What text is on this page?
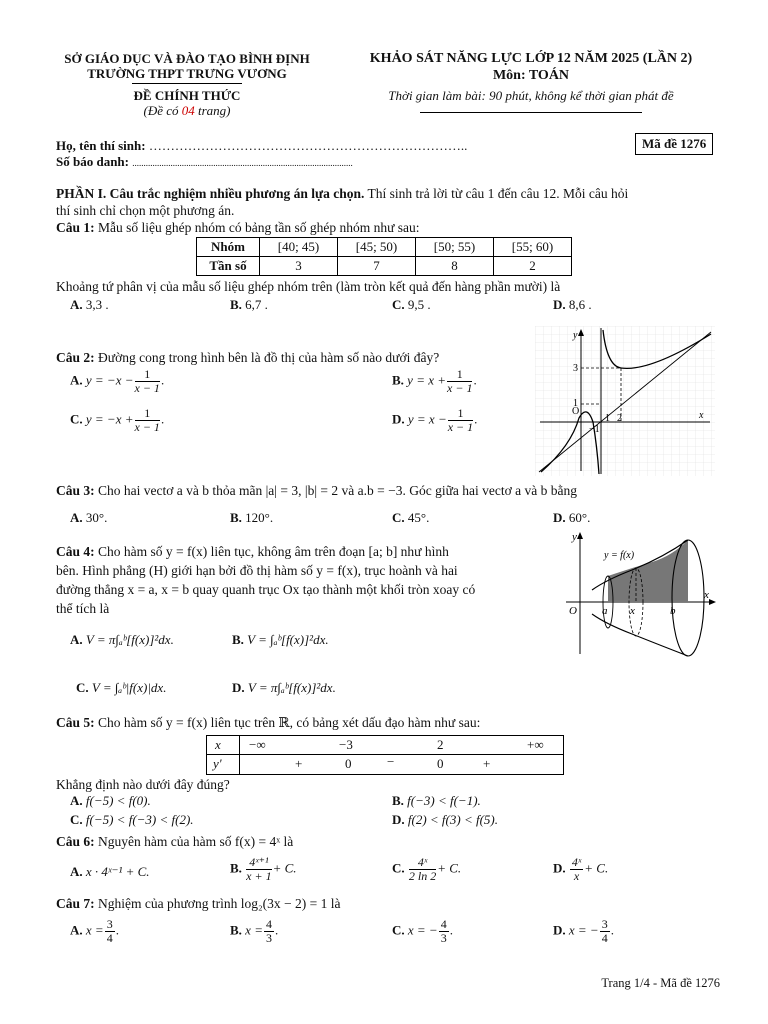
SỞ GIÁO DỤC VÀ ĐÀO TẠO BÌNH ĐỊNH
TRƯỜNG THPT TRƯNG VƯƠNG
ĐỀ CHÍNH THỨC
(Đề có 04 trang)
KHẢO SÁT NĂNG LỰC LỚP 12 NĂM 2025 (LẦN 2)
Môn: TOÁN
Thời gian làm bài: 90 phút, không kể thời gian phát đề
Họ, tên thí sinh: ………………………………………………………………..
Số báo danh: ..................................................................................................
Mã đề 1276
PHẦN I. Câu trắc nghiệm nhiều phương án lựa chọn. Thí sinh trả lời từ câu 1 đến câu 12. Mỗi câu hỏi
thí sinh chỉ chọn một phương án.
Câu 1: Mẫu số liệu ghép nhóm có bảng tần số ghép nhóm như sau:
Nhóm	[40; 45)	[45; 50)	[50; 55)	[55; 60)
Tần số	3	7	8	2
Khoảng tứ phân vị của mẫu số liệu ghép nhóm trên (làm tròn kết quả đến hàng phần mười) là
A. 3,3 .	B. 6,7 .	C. 9,5 .	D. 8,6 .
Câu 2: Đường cong trong hình bên là đồ thị của hàm số nào dưới đây?
A. $y = -x - \frac{1}{x - 1}$ .	B. $y = x + \frac{1}{x - 1}$ .
C. $y = -x + \frac{1}{x - 1}$ .	D. $y = x - \frac{1}{x - 1}$ .
y
x
3
1
O
−1
1 2
Câu 3: Cho hai vectơ a và b thỏa mãn |a| = 3, |b| = 2 và a.b = −3. Góc giữa hai vectơ a và b bằng
A. 30°.	B. 120°.	C. 45°.	D. 60°.
Câu 4: Cho hàm số y = f(x) liên tục, không âm trên đoạn [a; b] như hình
bên. Hình phẳng (H) giới hạn bởi đồ thị hàm số y = f(x), trục hoành và hai
đường thẳng x = a, x = b quay quanh trục Ox tạo thành một khối tròn xoay có
thể tích là
A. V = π∫ₐᵇ[f(x)]²dx.	B. V = ∫ₐᵇ[f(x)]²dx.
C. V = ∫ₐᵇ|f(x)|dx.	D. V = π∫ₐᵇ[f(x)]²dx.
y
x
O a x	b
y = f(x)
Câu 5: Cho hàm số y = f(x) liên tục trên ℝ, có bảng xét dấu đạo hàm như sau:
x −∞	−3	2	+∞
y'	+	0	−	0	+
Khẳng định nào dưới đây đúng?
A. f(−5) < f(0).	B. f(−3) < f(−1).
C. f(−5) < f(−3) < f(2).	D. f(2) < f(3) < f(5).
Câu 6: Nguyên hàm của hàm số f(x) = 4ˣ là
A. x · 4ˣ⁻¹ + C.	B. $\frac{\text{4ˣ⁺¹}}{x + 1} + C$.	C. $\frac{\text{4ˣ}}{2 \ln 2} + C$.	D. $\frac{\text{4ˣ}}{x} + C$.
Câu 7: Nghiệm của phương trình log₂(3x − 2) = 1 là
A. $x = \frac{3}{4}$ .	B. $x = \frac{4}{3}$ .	C. x = − $\frac{4}{3}$ .	D. x = − $\frac{3}{4}$ .
Trang 1/4 - Mã đề 1276
